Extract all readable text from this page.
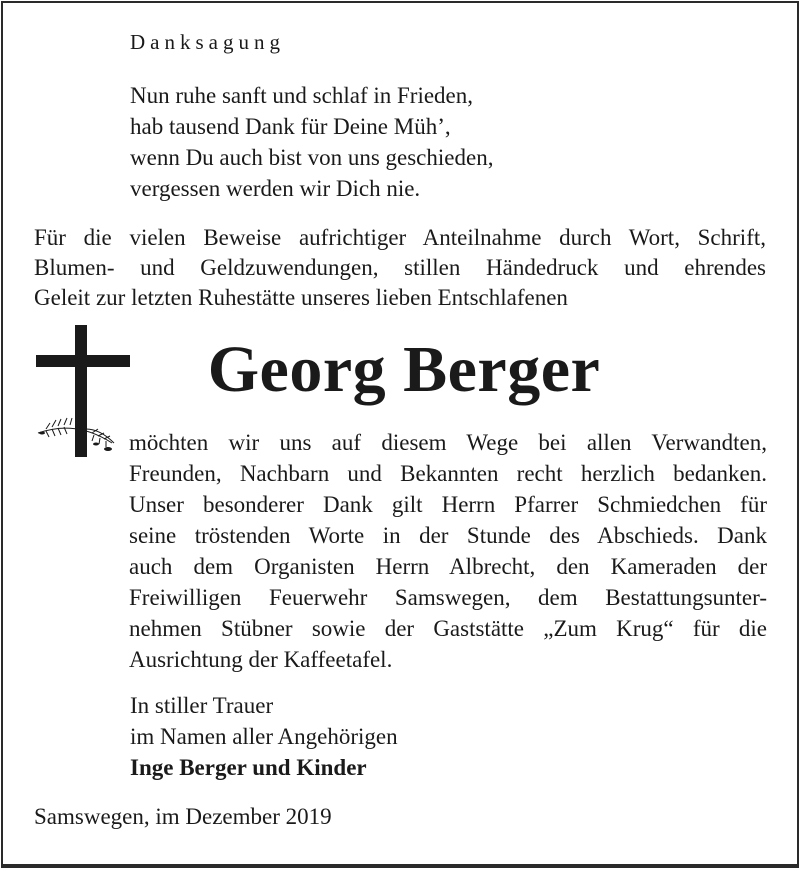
Danksagung
Nun ruhe sanft und schlaf in Frieden,
hab tausend Dank für Deine Müh’,
wenn Du auch bist von uns geschieden,
vergessen werden wir Dich nie.
Für die vielen Beweise aufrichtiger Anteilnahme durch Wort, Schrift,
Blumen- und Geldzuwendungen, stillen Händedruck und ehrendes
Geleit zur letzten Ruhestätte unseres lieben Entschlafenen
Georg Berger
möchten wir uns auf diesem Wege bei allen Verwandten,
Freunden, Nachbarn und Bekannten recht herzlich bedanken.
Unser besonderer Dank gilt Herrn Pfarrer Schmiedchen für
seine tröstenden Worte in der Stunde des Abschieds. Dank
auch dem Organisten Herrn Albrecht, den Kameraden der
Freiwilligen Feuerwehr Samswegen, dem Bestattungsunter-
nehmen Stübner sowie der Gaststätte „Zum Krug“ für die
Ausrichtung der Kaffeetafel.
In stiller Trauer
im Namen aller Angehörigen
Inge Berger und Kinder
Samswegen, im Dezember 2019
